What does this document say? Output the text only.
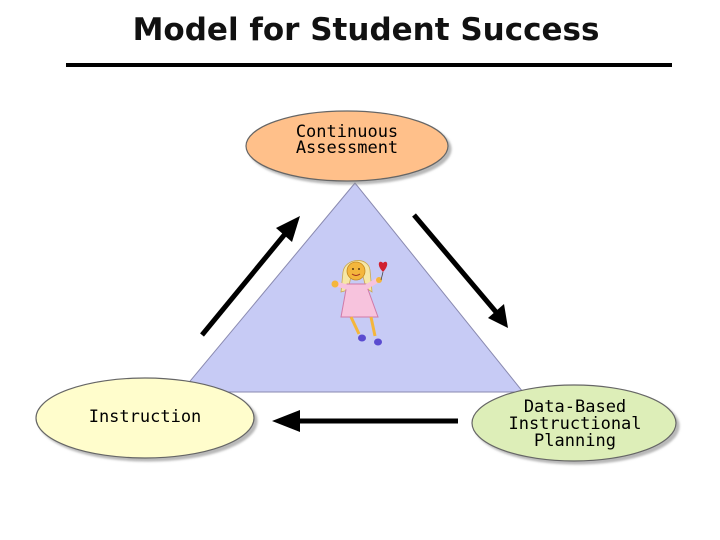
Model for Student Success
Continuous
Assessment
Instruction	Data-Based
Instructional
Planning
